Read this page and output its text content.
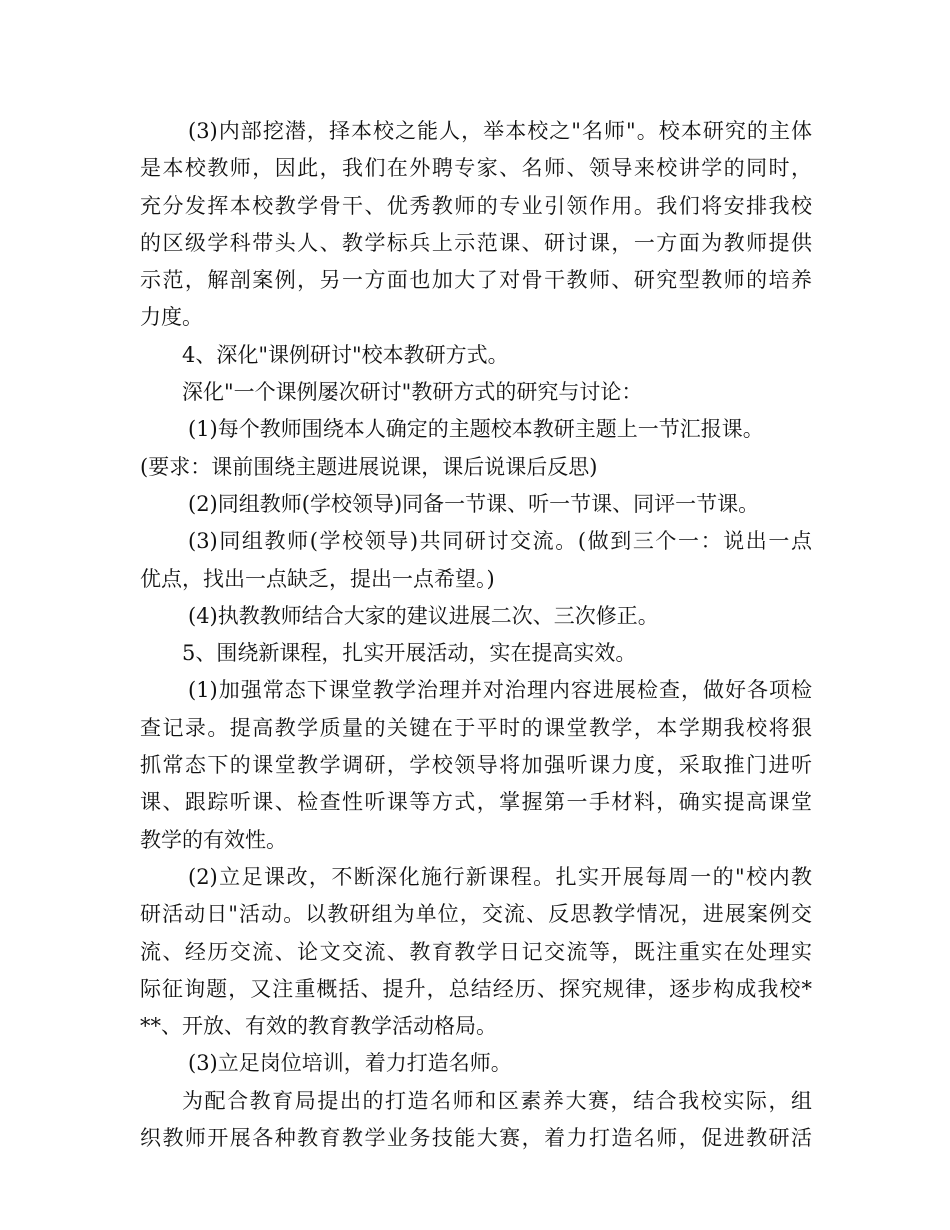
(3)内部挖潜，择本校之能人，举本校之"名师"。校本研究的主体
是本校教师，因此，我们在外聘专家、名师、领导来校讲学的同时，
充分发挥本校教学骨干、优秀教师的专业引领作用。我们将安排我校
的区级学科带头人、教学标兵上示范课、研讨课，一方面为教师提供
示范，解剖案例，另一方面也加大了对骨干教师、研究型教师的培养
力度。
4、深化"课例研讨"校本教研方式。
深化"一个课例屡次研讨"教研方式的研究与讨论：
(1)每个教师围绕本人确定的主题校本教研主题上一节汇报课。
(要求：课前围绕主题进展说课，课后说课后反思)
(2)同组教师(学校领导)同备一节课、听一节课、同评一节课。
(3)同组教师(学校领导)共同研讨交流。(做到三个一：说出一点
优点，找出一点缺乏，提出一点希望。)
(4)执教教师结合大家的建议进展二次、三次修正。
5、围绕新课程，扎实开展活动，实在提高实效。
(1)加强常态下课堂教学治理并对治理内容进展检查，做好各项检
查记录。提高教学质量的关键在于平时的课堂教学，本学期我校将狠
抓常态下的课堂教学调研，学校领导将加强听课力度，采取推门进听
课、跟踪听课、检查性听课等方式，掌握第一手材料，确实提高课堂
教学的有效性。
(2)立足课改，不断深化施行新课程。扎实开展每周一的"校内教
研活动日"活动。以教研组为单位，交流、反思教学情况，进展案例交
流、经历交流、论文交流、教育教学日记交流等，既注重实在处理实
际征询题，又注重概括、提升，总结经历、探究规律，逐步构成我校*
**、开放、有效的教育教学活动格局。
(3)立足岗位培训，着力打造名师。
为配合教育局提出的打造名师和区素养大赛，结合我校实际，组
织教师开展各种教育教学业务技能大赛，着力打造名师，促进教研活
